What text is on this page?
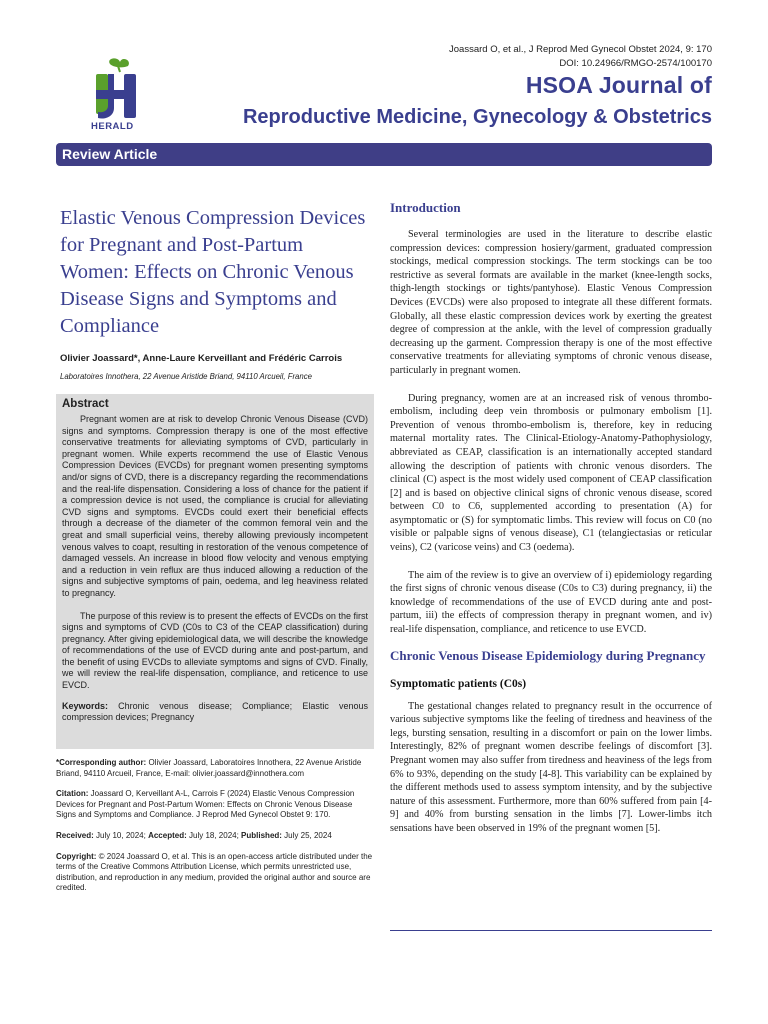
Joassard O, et al., J Reprod Med Gynecol Obstet 2024, 9: 170
DOI: 10.24966/RMGO-2574/100170
HERALD
HSOA Journal of
Reproductive Medicine, Gynecology & Obstetrics
Review Article
Elastic Venous Compression Devices for Pregnant and Post-Partum Women: Effects on Chronic Venous Disease Signs and Symptoms and Compliance
Olivier Joassard*, Anne-Laure Kerveillant and Frédéric Carrois
Laboratoires Innothera, 22 Avenue Aristide Briand, 94110 Arcueil, France
Abstract

Pregnant women are at risk to develop Chronic Venous Disease (CVD) signs and symptoms. Compression therapy is one of the most effective conservative treatments for alleviating symptoms of CVD, particularly in pregnant women. While experts recommend the use of Elastic Venous Compression Devices (EVCDs) for pregnant women presenting symptoms and/or signs of CVD, there is a discrepancy regarding the recommendations and the real-life dispensation. Considering a loss of chance for the patient if a compression device is not used, the compliance is crucial for alleviating CVD signs and symptoms. EVCDs could exert their beneficial effects through a decrease of the diameter of the common femoral vein and the great and small superficial veins, thereby allowing previously incompetent venous valves to coapt, resulting in restoration of the venous competence of damaged vessels. An increase in blood flow velocity and venous emptying and a reduction in vein reflux are thus induced allowing a reduction of the signs and subjective symptoms of pain, oedema, and leg heaviness related to pregnancy.

The purpose of this review is to present the effects of EVCDs on the first signs and symptoms of CVD (C0s to C3 of the CEAP classification) during pregnancy. After giving epidemiological data, we will describe the knowledge of recommendations of the use of EVCD during ante and post-partum, and the benefit of using EVCDs to alleviate symptoms and signs of CVD. Finally, we will review the real-life dispensation, compliance, and reticence to use EVCD.

Keywords: Chronic venous disease; Compliance; Elastic venous compression devices; Pregnancy

*Corresponding author: Olivier Joassard, Laboratoires Innothera, 22 Avenue Aristide Briand, 94110 Arcueil, France, E-mail: olivier.joassard@innothera.com
Citation: Joassard O, Kerveillant A-L, Carrois F (2024) Elastic Venous Compression Devices for Pregnant and Post-Partum Women: Effects on Chronic Venous Disease Signs and Symptoms and Compliance. J Reprod Med Gynecol Obstet 9: 170.
Received: July 10, 2024; Accepted: July 18, 2024; Published: July 25, 2024
Copyright: © 2024 Joassard O, et al. This is an open-access article distributed under the terms of the Creative Commons Attribution License, which permits unrestricted use, distribution, and reproduction in any medium, provided the original author and source are credited.
Introduction

Several terminologies are used in the literature to describe elastic compression devices: compression hosiery/garment, graduated compression stockings, medical compression stockings. The term stockings can be too restrictive as several formats are available in the market (knee-length socks, thigh-length stockings or tights/pantyhose). Elastic Venous Compression Devices (EVCDs) were also proposed to integrate all these different formats. Globally, all these elastic compression devices work by exerting the greatest degree of compression at the ankle, with the level of compression gradually decreasing up the garment. Compression therapy is one of the most effective conservative treatments for alleviating symptoms of chronic venous disease, particularly in pregnant women.

During pregnancy, women are at an increased risk of venous thrombo-embolism, including deep vein thrombosis or pulmonary embolism [1]. Prevention of venous thrombo-embolism is, therefore, key in reducing maternal mortality rates. The Clinical-Etiology-Anatomy-Pathophysiology, abbreviated as CEAP, classification is an internationally accepted standard allowing the description of patients with chronic venous disorders. The clinical (C) aspect is the most widely used component of CEAP classification [2] and is based on objective clinical signs of chronic venous disease, scored between C0 to C6, supplemented according to presentation (A) for asymptomatic or (S) for symptomatic limbs. This review will focus on C0 (no visible or palpable signs of venous disease), C1 (telangiectasias or reticular veins), C2 (varicose veins) and C3 (oedema).

The aim of the review is to give an overview of i) epidemiology regarding the first signs of chronic venous disease (C0s to C3) during pregnancy, ii) the knowledge of recommendations of the use of EVCD during ante and post-partum, iii) the effects of compression therapy in pregnant women, and iv) real-life dispensation, compliance, and reticence to use EVCD.

Chronic Venous Disease Epidemiology during Pregnancy
Symptomatic patients (C0s)

The gestational changes related to pregnancy result in the occurrence of various subjective symptoms like the feeling of tiredness and heaviness of the legs, bursting sensation, resulting in a discomfort or pain on the lower limbs. Interestingly, 82% of pregnant women describe feelings of discomfort [3]. Pregnant women may also suffer from tiredness and heaviness of the legs from 6% to 93%, depending on the study [4-8]. This variability can be explained by the different methods used to assess symptom intensity, and by the subjective nature of this assessment. Furthermore, more than 60% suffered from pain [4-9] and 40% from bursting sensation in the limbs [7]. Lower-limbs itch sensations have been observed in 19% of the pregnant women [5].
